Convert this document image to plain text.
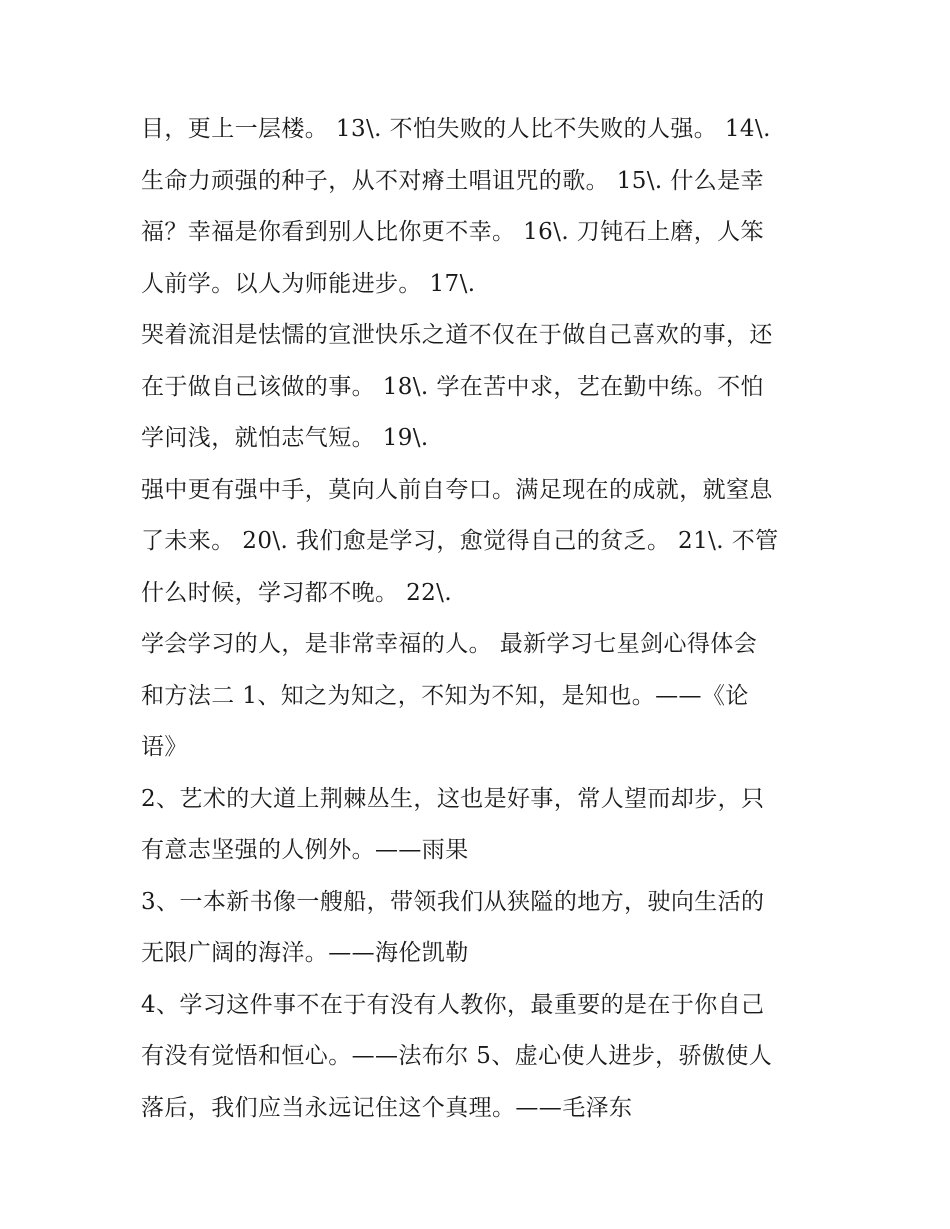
目，更上一层楼。 13\. 不怕失败的人比不失败的人强。 14\.
生命力顽强的种子，从不对瘠土唱诅咒的歌。 15\. 什么是幸
福？幸福是你看到别人比你更不幸。 16\. 刀钝石上磨，人笨
人前学。以人为师能进步。 17\.
哭着流泪是怯懦的宣泄快乐之道不仅在于做自己喜欢的事，还
在于做自己该做的事。 18\. 学在苦中求，艺在勤中练。不怕
学问浅，就怕志气短。 19\.
强中更有强中手，莫向人前自夸口。满足现在的成就，就窒息
了未来。 20\. 我们愈是学习，愈觉得自己的贫乏。 21\. 不管
什么时候，学习都不晚。 22\.
学会学习的人，是非常幸福的人。 最新学习七星剑心得体会
和方法二 1、知之为知之，不知为不知，是知也。——《论
语》
2、艺术的大道上荆棘丛生，这也是好事，常人望而却步，只
有意志坚强的人例外。——雨果
3、一本新书像一艘船，带领我们从狭隘的地方，驶向生活的
无限广阔的海洋。——海伦凯勒
4、学习这件事不在于有没有人教你，最重要的是在于你自己
有没有觉悟和恒心。——法布尔 5、虚心使人进步，骄傲使人
落后，我们应当永远记住这个真理。——毛泽东
